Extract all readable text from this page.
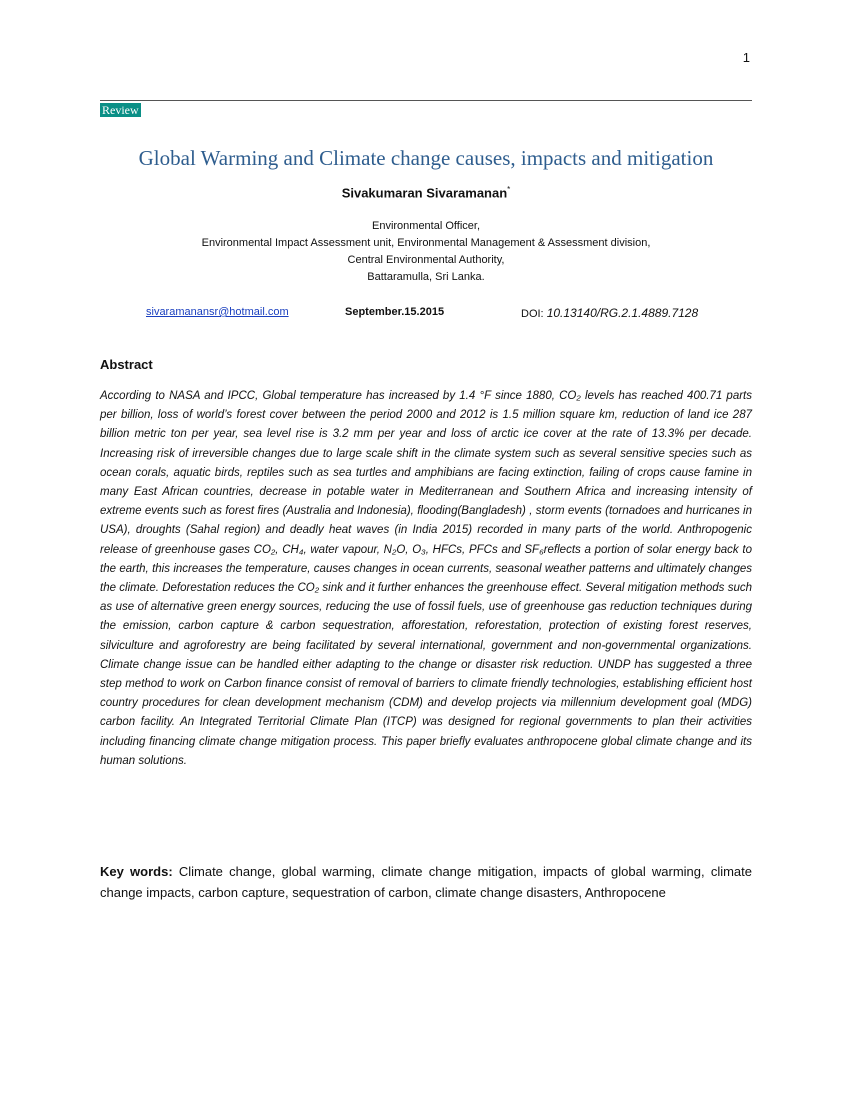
1
Review
Global Warming and Climate change causes, impacts and mitigation
Sivakumaran Sivaramanan*
Environmental Officer,
Environmental Impact Assessment unit, Environmental Management & Assessment division,
Central Environmental Authority,
Battaramulla, Sri Lanka.
sivaramanansr@hotmail.com	September.15.2015	DOI: 10.13140/RG.2.1.4889.7128
Abstract

According to NASA and IPCC, Global temperature has increased by 1.4 °F since 1880, CO₂ levels has reached 400.71 parts per billion, loss of world’s forest cover between the period 2000 and 2012 is 1.5 million square km, reduction of land ice 287 billion metric ton per year, sea level rise is 3.2 mm per year and loss of arctic ice cover at the rate of 13.3% per decade. Increasing risk of irreversible changes due to large scale shift in the climate system such as several sensitive species such as ocean corals, aquatic birds, reptiles such as sea turtles and amphibians are facing extinction, failing of crops cause famine in many East African countries, decrease in potable water in Mediterranean and Southern Africa and increasing intensity of extreme events such as forest fires (Australia and Indonesia), flooding(Bangladesh) , storm events (tornadoes and hurricanes in USA), droughts (Sahal region) and deadly heat waves (in India 2015) recorded in many parts of the world. Anthropogenic release of greenhouse gases CO₂, CH₄, water vapour, N₂O, O₃, HFCs, PFCs and SF₆reflects a portion of solar energy back to the earth, this increases the temperature, causes changes in ocean currents, seasonal weather patterns and ultimately changes the climate. Deforestation reduces the CO₂ sink and it further enhances the greenhouse effect. Several mitigation methods such as use of alternative green energy sources, reducing the use of fossil fuels, use of greenhouse gas reduction techniques during the emission, carbon capture & carbon sequestration, afforestation, reforestation, protection of existing forest reserves, silviculture and agroforestry are being facilitated by several international, government and non-governmental organizations. Climate change issue can be handled either adapting to the change or disaster risk reduction. UNDP has suggested a three step method to work on Carbon finance consist of removal of barriers to climate friendly technologies, establishing efficient host country procedures for clean development mechanism (CDM) and develop projects via millennium development goal (MDG) carbon facility. An Integrated Territorial Climate Plan (ITCP) was designed for regional governments to plan their activities including financing climate change mitigation process. This paper briefly evaluates anthropocene global climate change and its human solutions.

Key words: Climate change, global warming, climate change mitigation, impacts of global warming, climate change impacts, carbon capture, sequestration of carbon, climate change disasters, Anthropocene
